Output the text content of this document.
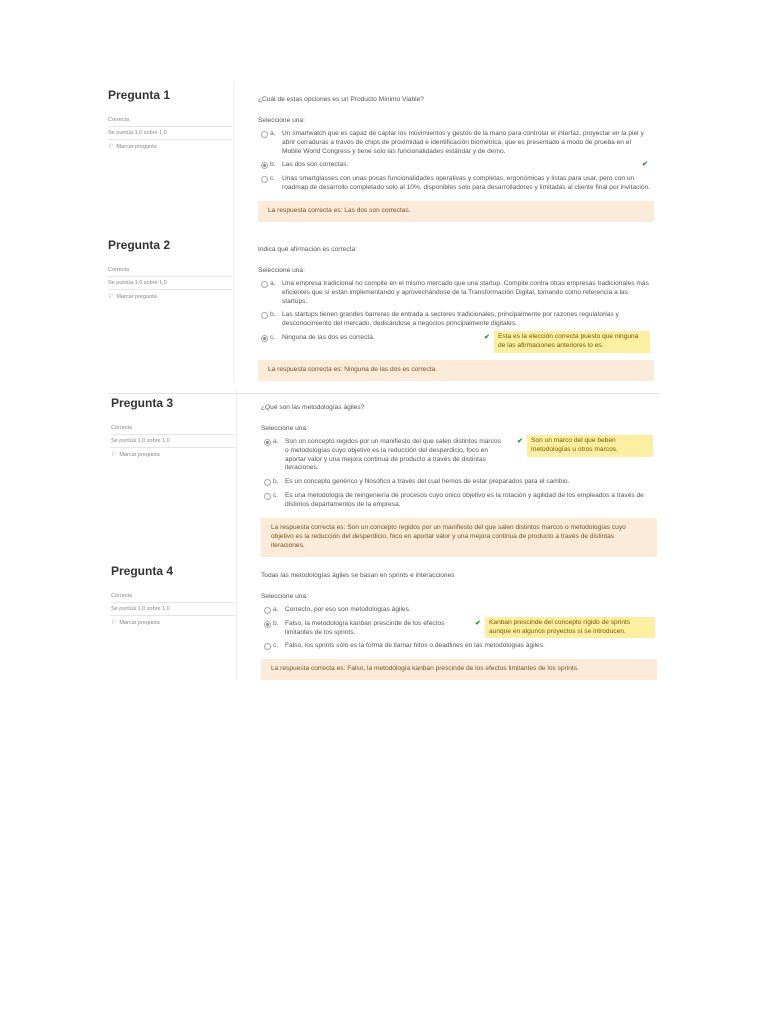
Pregunta 1
Correcta
Se puntúa 1,0 sobre 1,0
⚐ Marcar pregunta
¿Cuál de estas opciones es un Producto Mínimo Viable?
Seleccione una:
a. Un smartwatch que es capaz de captar los movimientos y gestos de la mano para controlar el interfaz, proyectar en la piel y abrir cerraduras a través de chips de proximidad e identificación biométrica, que es presentado a modo de prueba en el Mobile World Congress y tiene solo las funcionalidades estándar y de demo.
b. Las dos son correctas.	✔
c. Unas smartglasses con unas pocas funcionalidades operativas y completas, ergonómicas y listas para usar, pero con un roadmap de desarrollo completado solo al 10%, disponibles solo para desarrolladores y limitadas al cliente final por invitación.
La respuesta correcta es: Las dos son correctas.
Pregunta 2
Correcta
Se puntúa 1,0 sobre 1,0
⚐ Marcar pregunta
Indica qué afirmación es correcta:
Seleccione una:
a. Una empresa tradicional no compite en el mismo mercado que una startup. Compite contra otras empresas tradicionales más eficientes que sí están implementando y aprovechándose de la Transformación Digital, tomando como referencia a las startups.
b. Las startups tienen grandes barreras de entrada a sectores tradicionales, principalmente por razones regulatorias y desconocimiento del mercado, dedicándose a negocios principalmente digitales.
c. Ninguna de las dos es correcta.	✔	Esta es la elección correcta puesto que ninguna de las afirmaciones anteriores lo es.
La respuesta correcta es: Ninguna de las dos es correcta.
Pregunta 3
Correcta
Se puntúa 1,0 sobre 1,0
⚐ Marcar pregunta
¿Qué son las metodologías ágiles?
Seleccione una:
a. Son un concepto regidos por un manifiesto del que salen distintos marcos o metodologías cuyo objetivo es la reducción del desperdicio, foco en aportar valor y una mejora continua de producto a través de distintas iteraciones.
✔	Son un marco del que beben metodologías u otros marcos.
b. Es un concepto genérico y filosófico a través del cual hemos de estar preparados para el cambio.
c. Es una metodología de reingeniería de procesos cuyo único objetivo es la rotación y agilidad de los empleados a través de distintos departamentos de la empresa.
La respuesta correcta es: Son un concepto regidos por un manifiesto del que salen distintos marcos o metodologías cuyo objetivo es la reducción del desperdicio, foco en aportar valor y una mejora continua de producto a través de distintas iteraciones.
Pregunta 4
Correcta
Se puntúa 1,0 sobre 1,0
⚐ Marcar pregunta
Todas las metodologías ágiles se basan en sprints e interacciones
Seleccione una:
a. Correcto, por eso son metodologías ágiles.
b. Falso, la metodología kanban prescinde de los efectos limitantes de los sprints.
✔	Kanban prescinde del concepto rígido de sprints aunque en algunos proyectos sí se introducen.
c. Falso, los sprints sólo es la forma de llamar hitos o deadlines en las metodologías ágiles.
La respuesta correcta es: Falso, la metodología kanban prescinde de los efectos limitantes de los sprints.
